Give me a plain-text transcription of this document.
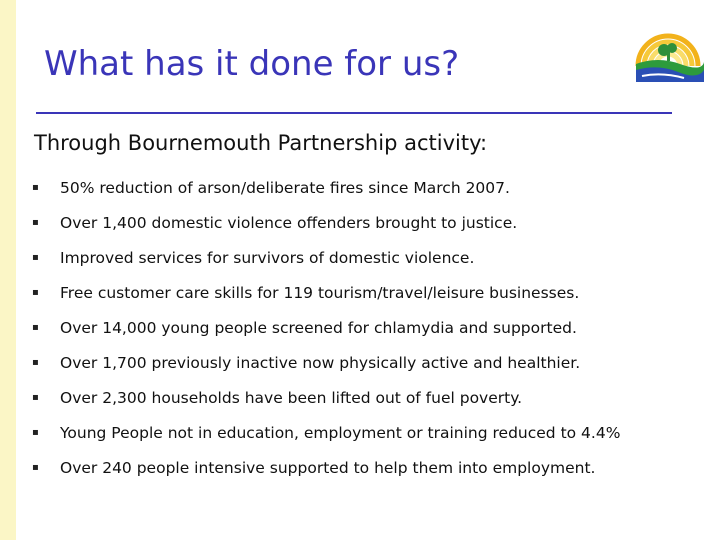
What has it done for us?
Through Bournemouth Partnership activity:
▪ 50% reduction of arson/deliberate fires since March 2007.
▪ Over 1,400 domestic violence offenders brought to justice.
▪ Improved services for survivors of domestic violence.
▪ Free customer care skills for 119 tourism/travel/leisure businesses.
▪ Over 14,000 young people screened for chlamydia and supported.
▪ Over 1,700 previously inactive now physically active and healthier.
▪ Over 2,300 households have been lifted out of fuel poverty.
▪ Young People not in education, employment or training reduced to 4.4%
▪ Over 240 people intensive supported to help them into employment.
